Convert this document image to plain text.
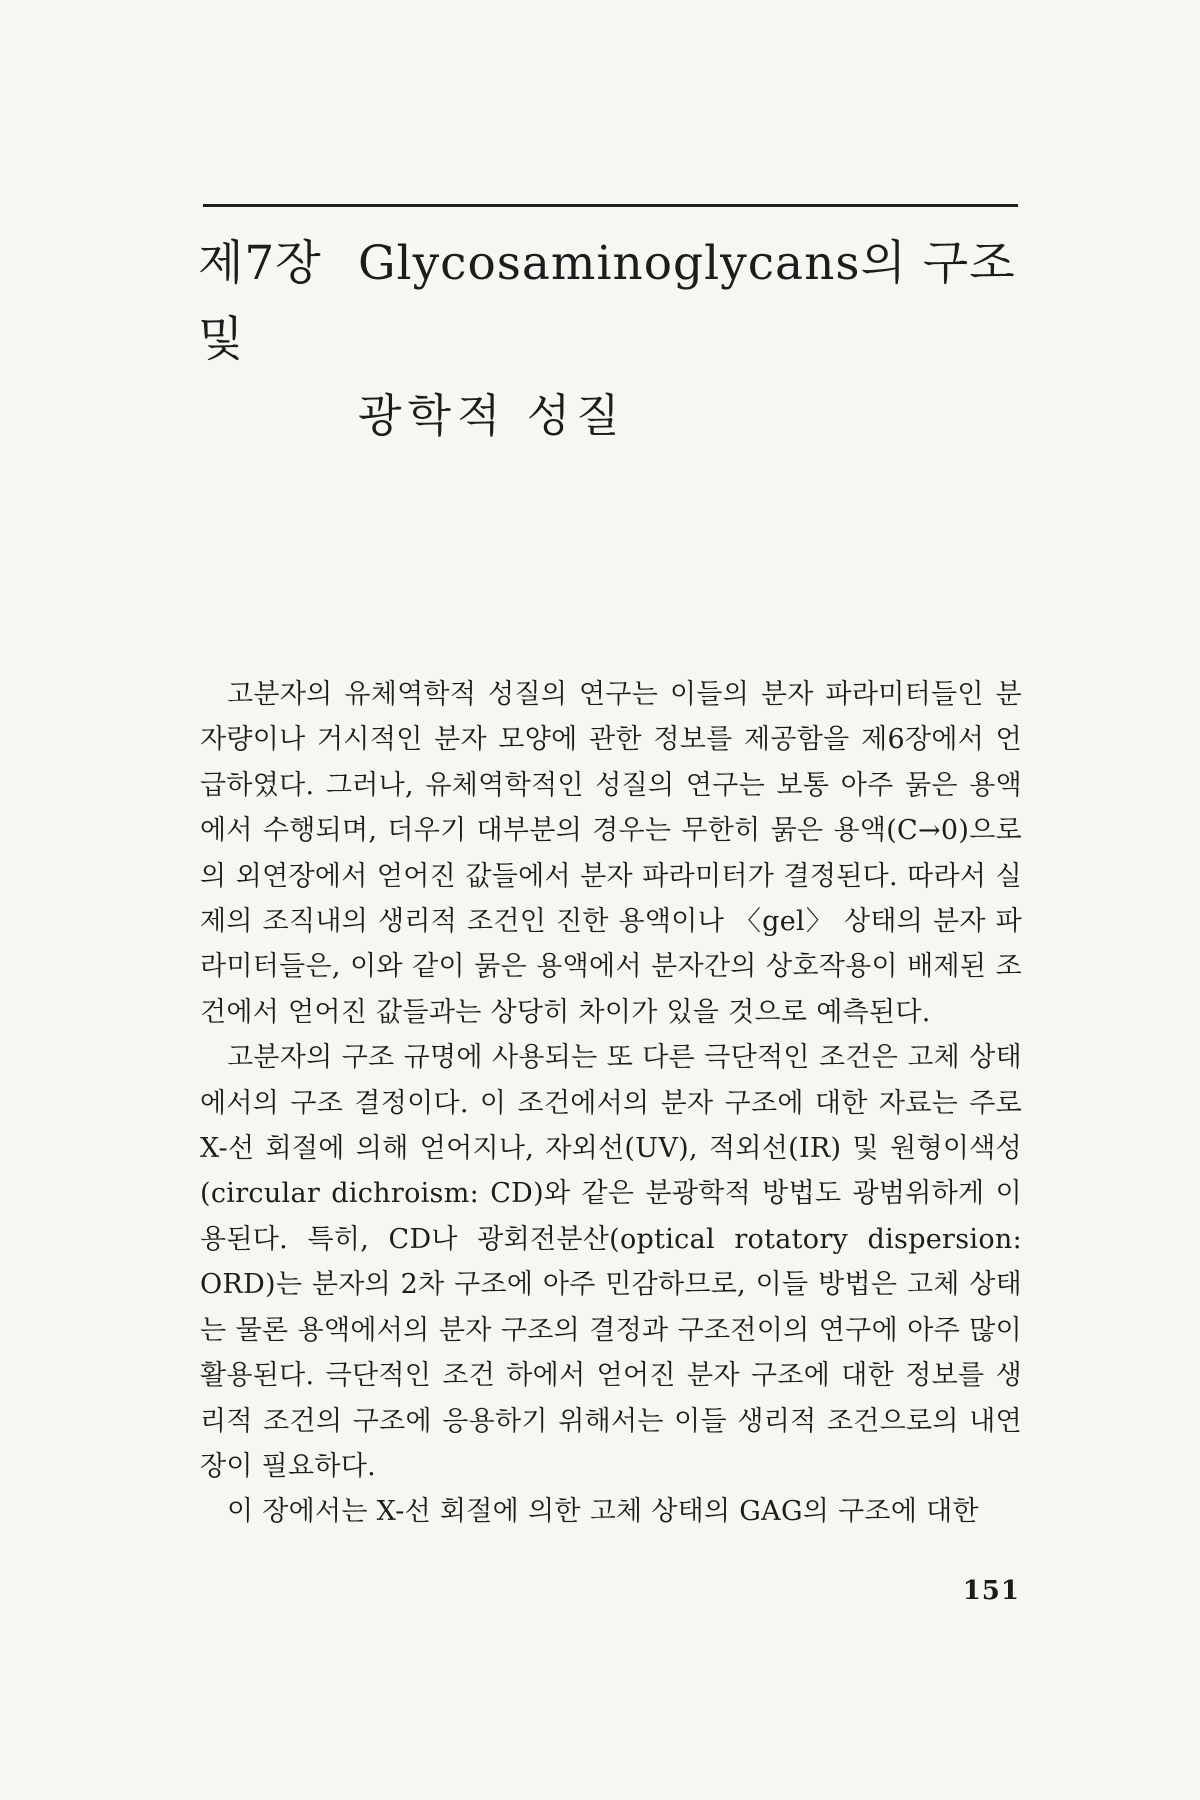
제7장 Glycosaminoglycans의 구조 및
광학적 성질

고분자의 유체역학적 성질의 연구는 이들의 분자 파라미터들인 분자량이나 거시적인 분자 모양에 관한 정보를 제공함을 제6장에서 언급하였다. 그러나, 유체역학적인 성질의 연구는 보통 아주 묽은 용액에서 수행되며, 더우기 대부분의 경우는 무한히 묽은 용액(C→0)으로의 외연장에서 얻어진 값들에서 분자 파라미터가 결정된다. 따라서 실제의 조직내의 생리적 조건인 진한 용액이나 〈gel〉 상태의 분자 파라미터들은, 이와 같이 묽은 용액에서 분자간의 상호작용이 배제된 조건에서 얻어진 값들과는 상당히 차이가 있을 것으로 예측된다.

고분자의 구조 규명에 사용되는 또 다른 극단적인 조건은 고체 상태에서의 구조 결정이다. 이 조건에서의 분자 구조에 대한 자료는 주로 X-선 회절에 의해 얻어지나, 자외선(UV), 적외선(IR) 및 원형이색성(circular dichroism: CD)와 같은 분광학적 방법도 광범위하게 이용된다. 특히, CD나 광회전분산(optical rotatory dispersion: ORD)는 분자의 2차 구조에 아주 민감하므로, 이들 방법은 고체 상태는 물론 용액에서의 분자 구조의 결정과 구조전이의 연구에 아주 많이 활용된다. 극단적인 조건 하에서 얻어진 분자 구조에 대한 정보를 생리적 조건의 구조에 응용하기 위해서는 이들 생리적 조건으로의 내연장이 필요하다.

이 장에서는 X-선 회절에 의한 고체 상태의 GAG의 구조에 대한

151
